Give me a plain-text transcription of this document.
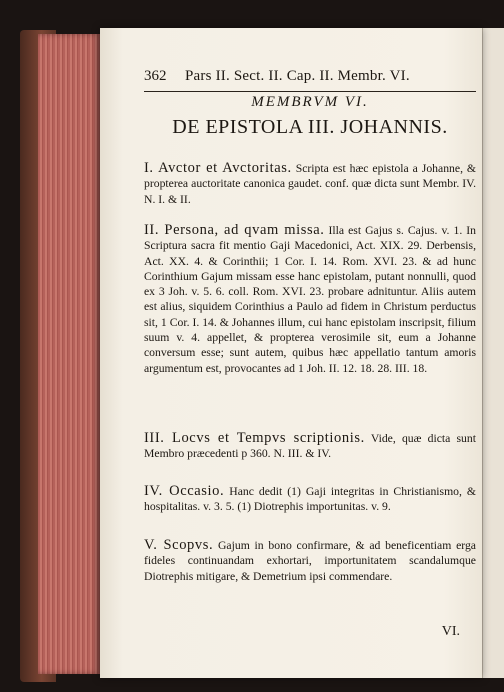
362 Pars II. Sect. II. Cap. II. Membr. VI.
MEMBRVM VI.
DE EPISTOLA III. JOHANNIS.
I. Avctor et Avctoritas. Scripta est hæc epistola a Johanne, & propterea auctoritate canonica gaudet. conf. quæ dicta sunt Membr. IV. N. I. & II.
II. Persona, ad qvam missa. Illa est Gajus s. Cajus. v. 1. In Scriptura sacra fit mentio Gaji Macedonici, Act. XIX. 29. Derbensis, Act. XX. 4. & Corinthii; 1 Cor. I. 14. Rom. XVI. 23. & ad hunc Corinthium Gajum missam esse hanc epistolam, putant nonnulli, quod ex 3 Joh. v. 5. 6. coll. Rom. XVI. 23. probare adnituntur. Aliis autem est alius, siquidem Corinthius a Paulo ad fidem in Christum perductus sit, 1 Cor. I. 14. & Johannes illum, cui hanc epistolam inscripsit, filium suum v. 4. appellet, & propterea verosimile sit, eum a Johanne conversum esse; sunt autem, quibus hæc appellatio tantum amoris argumentum est, provocantes ad 1 Joh. II. 12. 18. 28. III. 18.
III. Locvs et Tempvs scriptionis. Vide, quæ dicta sunt Membro præcedenti p 360. N. III. & IV.
IV. Occasio. Hanc dedit (1) Gaji integritas in Christianismo, & hospitalitas. v. 3. 5. (1) Diotrephis importunitas. v. 9.
V. Scopvs. Gajum in bono confirmare, & ad beneficentiam erga fideles continuandam exhortari, importunitatem scandalumque Diotrephis mitigare, & Demetrium ipsi commendare.
VI.
